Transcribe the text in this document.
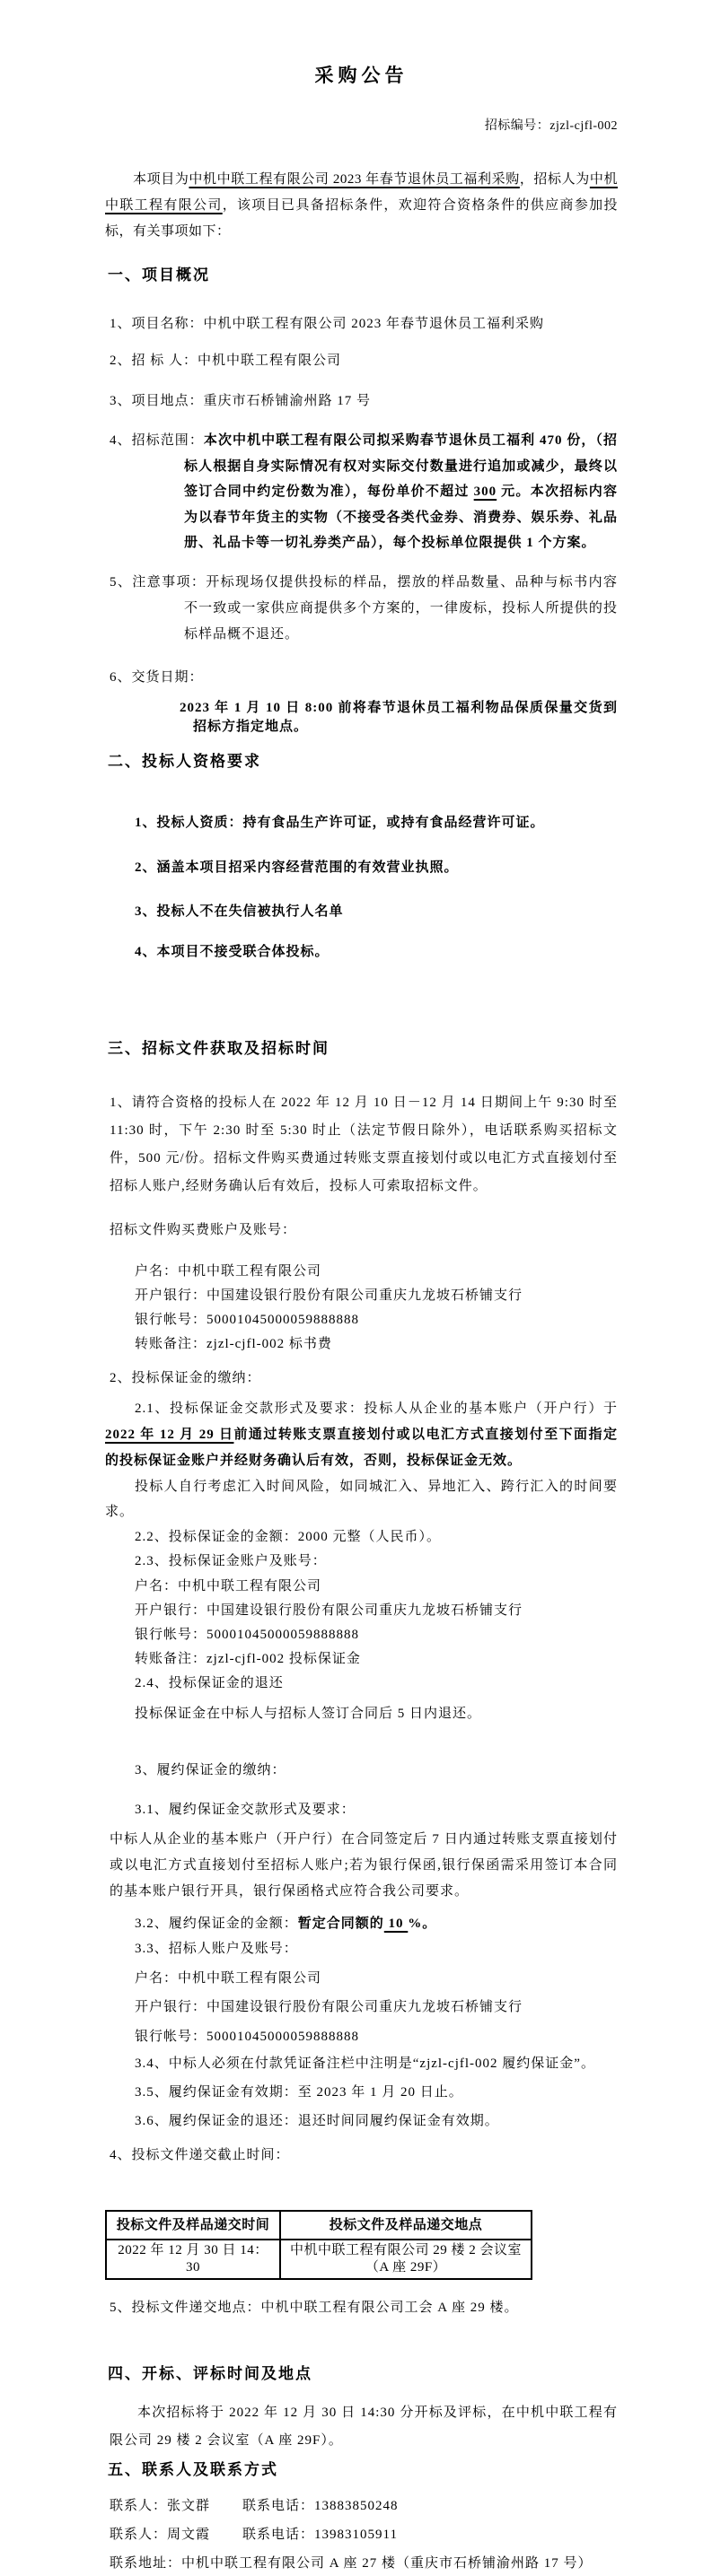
采购公告

招标编号：zjzl-cjfl-002

本项目为中机中联工程有限公司 2023 年春节退休员工福利采购，招标人为中机中联工程有限公司，该项目已具备招标条件，欢迎符合资格条件的供应商参加投标，有关事项如下：

一、项目概况

1、项目名称：中机中联工程有限公司 2023 年春节退休员工福利采购

2、招 标 人：中机中联工程有限公司

3、项目地点：重庆市石桥铺渝州路 17 号

4、招标范围：本次中机中联工程有限公司拟采购春节退休员工福利 470 份，（招标人根据自身实际情况有权对实际交付数量进行追加或减少，最终以签订合同中约定份数为准），每份单价不超过 300 元。本次招标内容为以春节年货主的实物（不接受各类代金券、消费券、娱乐券、礼品册、礼品卡等一切礼券类产品），每个投标单位限提供 1 个方案。

5、注意事项：开标现场仅提供投标的样品，摆放的样品数量、品种与标书内容不一致或一家供应商提供多个方案的，一律废标，投标人所提供的投标样品概不退还。

6、交货日期：

2023 年 1 月 10 日 8:00 前将春节退休员工福利物品保质保量交货到招标方指定地点。

二、投标人资格要求

1、投标人资质：持有食品生产许可证，或持有食品经营许可证。

2、涵盖本项目招采内容经营范围的有效营业执照。

3、投标人不在失信被执行人名单

4、本项目不接受联合体投标。

三、招标文件获取及招标时间

1、请符合资格的投标人在 2022 年 12 月 10 日－12 月 14 日期间上午 9:30 时至 11:30 时，下午 2:30 时至 5:30 时止（法定节假日除外），电话联系购买招标文件，500 元/份。招标文件购买费通过转账支票直接划付或以电汇方式直接划付至招标人账户,经财务确认后有效后，投标人可索取招标文件。

招标文件购买费账户及账号：

户名：中机中联工程有限公司

开户银行：中国建设银行股份有限公司重庆九龙坡石桥铺支行

银行帐号：50001045000059888888

转账备注：zjzl-cjfl-002 标书费

2、投标保证金的缴纳：

2.1、投标保证金交款形式及要求：投标人从企业的基本账户（开户行）于 2022 年 12 月 29 日前通过转账支票直接划付或以电汇方式直接划付至下面指定的投标保证金账户并经财务确认后有效，否则，投标保证金无效。

投标人自行考虑汇入时间风险，如同城汇入、异地汇入、跨行汇入的时间要求。

2.2、投标保证金的金额：2000 元整（人民币）。

2.3、投标保证金账户及账号：

户名：中机中联工程有限公司

开户银行：中国建设银行股份有限公司重庆九龙坡石桥铺支行

银行帐号：50001045000059888888

转账备注：zjzl-cjfl-002 投标保证金

2.4、投标保证金的退还

投标保证金在中标人与招标人签订合同后 5 日内退还。

3、履约保证金的缴纳：

3.1、履约保证金交款形式及要求：

中标人从企业的基本账户（开户行）在合同签定后 7 日内通过转账支票直接划付或以电汇方式直接划付至招标人账户;若为银行保函,银行保函需采用签订本合同的基本账户银行开具，银行保函格式应符合我公司要求。

3.2、履约保证金的金额：暂定合同额的 10 %。

3.3、招标人账户及账号：

户名：中机中联工程有限公司

开户银行：中国建设银行股份有限公司重庆九龙坡石桥铺支行

银行帐号：50001045000059888888

3.4、中标人必须在付款凭证备注栏中注明是“zjzl-cjfl-002 履约保证金”。

3.5、履约保证金有效期：至 2023 年 1 月 20 日止。

3.6、履约保证金的退还：退还时间同履约保证金有效期。

4、投标文件递交截止时间：

投标文件及样品递交时间	投标文件及样品递交地点
2022 年 12 月 30 日 14：30	中机中联工程有限公司 29 楼 2 会议室（A 座 29F）

5、投标文件递交地点：中机中联工程有限公司工会 A 座 29 楼。

四、开标、评标时间及地点

本次招标将于 2022 年 12 月 30 日 14:30 分开标及评标，在中机中联工程有限公司 29 楼 2 会议室（A 座 29F）。

五、联系人及联系方式

联系人：张文群 联系电话：13883850248

联系人：周文霞 联系电话：13983105911

联系地址：中机中联工程有限公司 A 座 27 楼（重庆市石桥铺渝州路 17 号）
